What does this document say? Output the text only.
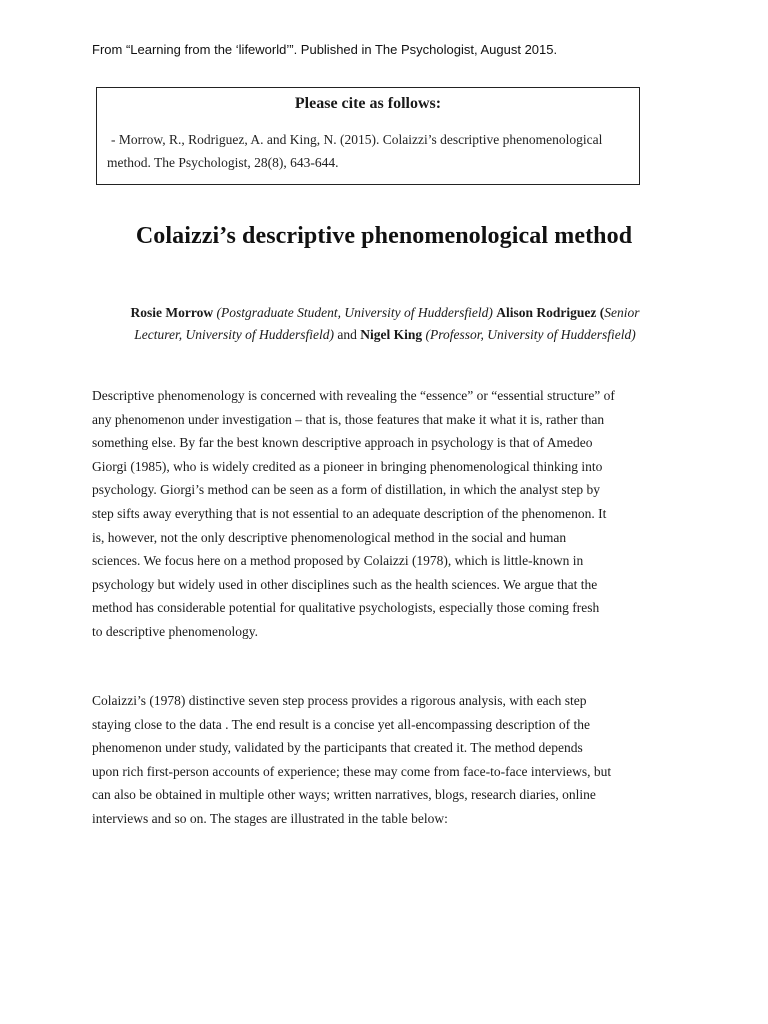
From “Learning from the ‘lifeworld’”. Published in The Psychologist, August 2015.
Please cite as follows:
- Morrow, R., Rodriguez, A. and King, N. (2015). Colaizzi’s descriptive phenomenological
method. The Psychologist, 28(8), 643-644.
Colaizzi’s descriptive phenomenological method
Rosie Morrow (Postgraduate Student, University of Huddersfield) Alison Rodriguez (Senior
Lecturer, University of Huddersfield) and Nigel King (Professor, University of Huddersfield)
Descriptive phenomenology is concerned with revealing the “essence” or “essential structure” of
any phenomenon under investigation – that is, those features that make it what it is, rather than
something else. By far the best known descriptive approach in psychology is that of Amedeo
Giorgi (1985), who is widely credited as a pioneer in bringing phenomenological thinking into
psychology. Giorgi’s method can be seen as a form of distillation, in which the analyst step by
step sifts away everything that is not essential to an adequate description of the phenomenon. It
is, however, not the only descriptive phenomenological method in the social and human
sciences. We focus here on a method proposed by Colaizzi (1978), which is little-known in
psychology but widely used in other disciplines such as the health sciences. We argue that the
method has considerable potential for qualitative psychologists, especially those coming fresh
to descriptive phenomenology.
Colaizzi’s (1978) distinctive seven step process provides a rigorous analysis, with each step
staying close to the data . The end result is a concise yet all-encompassing description of the
phenomenon under study, validated by the participants that created it. The method depends
upon rich first-person accounts of experience; these may come from face-to-face interviews, but
can also be obtained in multiple other ways; written narratives, blogs, research diaries, online
interviews and so on. The stages are illustrated in the table below:
